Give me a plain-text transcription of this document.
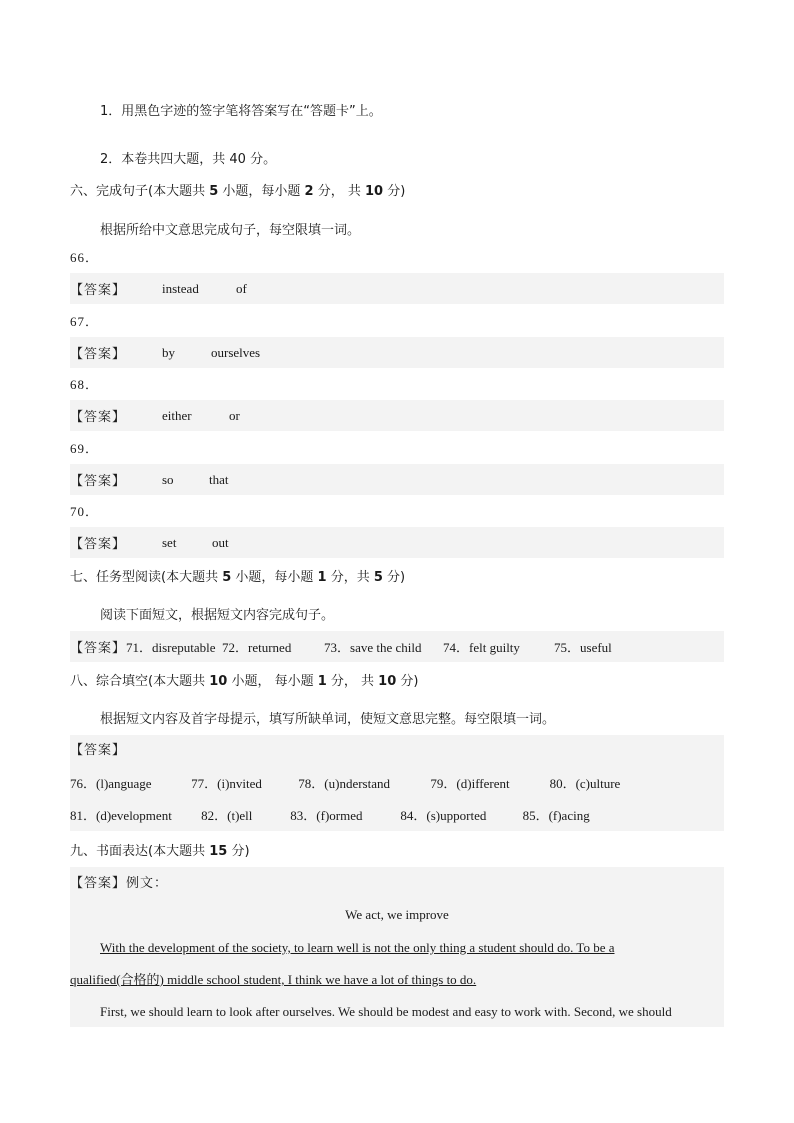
1．用黑色字迹的签字笔将答案写在“答题卡”上。
2．本卷共四大题，共 40 分。
六、完成句子(本大题共 5 小题，每小题 2 分， 共 10 分)
根据所给中文意思完成句子，每空限填一词。
66．
【答案】	instead	of
67．
【答案】	by	ourselves
68．
【答案】	either	or
69．
【答案】	so	that
70．
【答案】	set	out
七、任务型阅读(本大题共 5 小题，每小题 1 分，共 5 分)
阅读下面短文，根据短文内容完成句子。
【答案】 71．disreputable 72．returned	73．save the child	74．felt guilty	75．useful
八、综合填空(本大题共 10 小题， 每小题 1 分， 共 10 分)
根据短文内容及首字母提示，填写所缺单词，使短文意思完整。每空限填一词。
【答案】
76．(l)anguage	77．(i)nvited	78．(u)nderstand	79．(d)ifferent	80．(c)ulture
81．(d)evelopment 82．(t)ell	83．(f)ormed	84．(s)upported	85．(f)acing
九、书面表达(本大题共 15 分)
【答案】例文：
We act, we improve
With the development of the society, to learn well is not the only thing a student should do. To be a
qualified(合格的) middle school student, I think we have a lot of things to do.
First, we should learn to look after ourselves. We should be modest and easy to work with. Second, we should
